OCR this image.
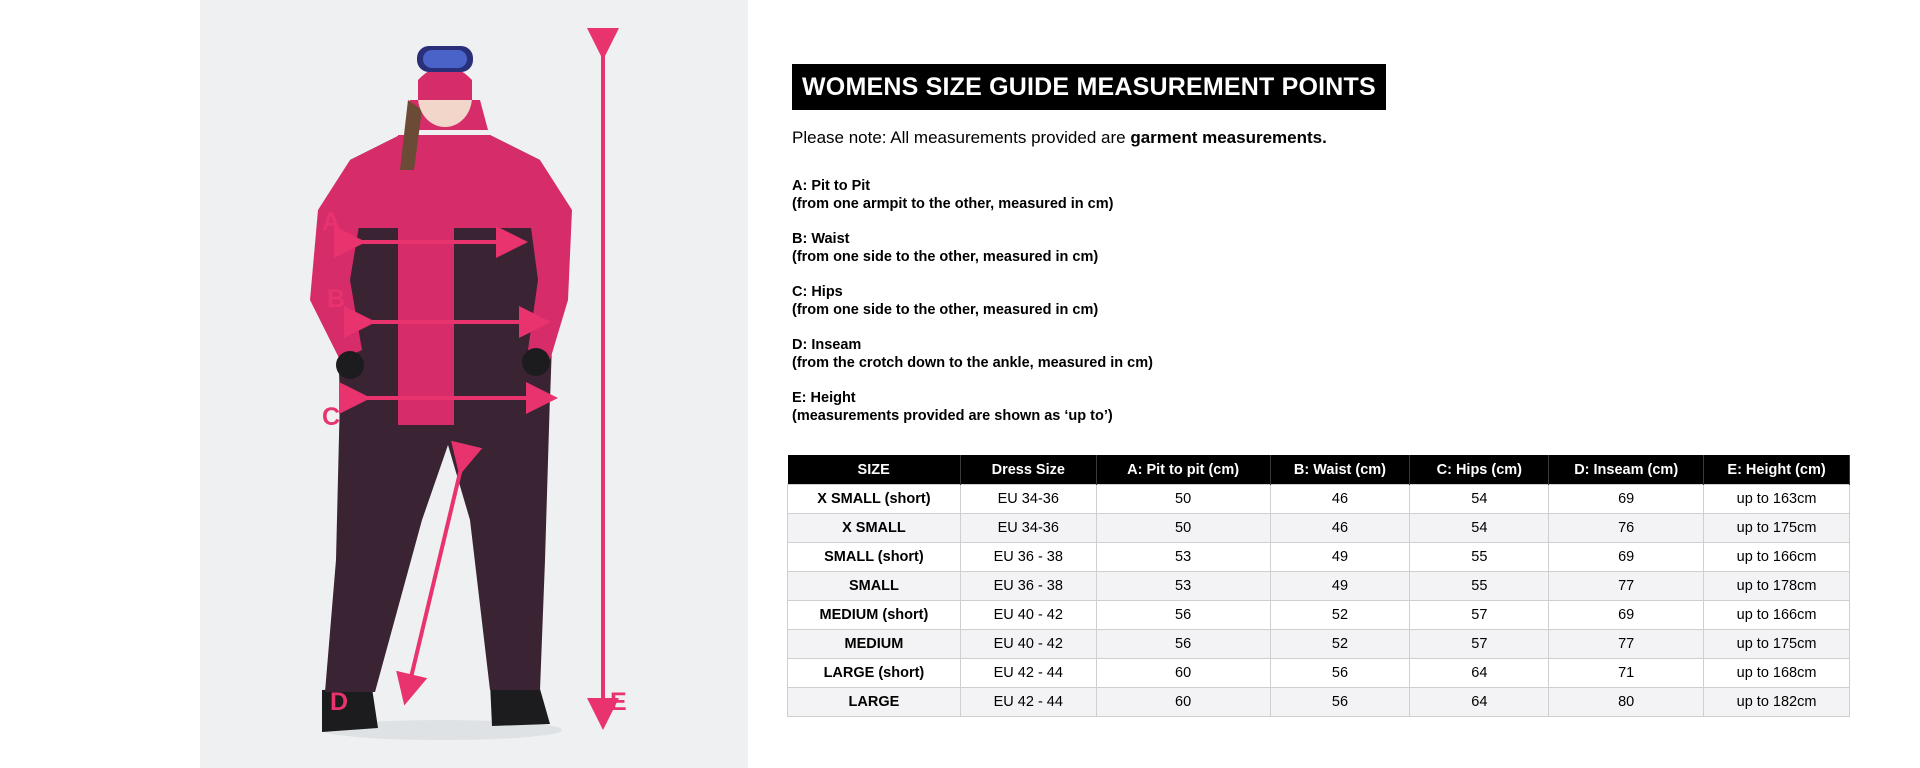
A
B
C
D	E
WOMENS SIZE GUIDE MEASUREMENT POINTS
Please note: All measurements provided are garment measurements.
A: Pit to Pit
(from one armpit to the other, measured in cm)
B: Waist
(from one side to the other, measured in cm)
C: Hips
(from one side to the other, measured in cm)
D: Inseam
(from the crotch down to the ankle, measured in cm)
E: Height
(measurements provided are shown as ‘up to’)
SIZE	Dress Size	A: Pit to pit (cm)	B: Waist (cm)	C: Hips (cm)	D: Inseam (cm)	E: Height (cm)
X SMALL (short)	EU 34-36	50	46	54	69	up to 163cm
X SMALL	EU 34-36	50	46	54	76	up to 175cm
SMALL (short)	EU 36 - 38	53	49	55	69	up to 166cm
SMALL	EU 36 - 38	53	49	55	77	up to 178cm
MEDIUM (short)	EU 40 - 42	56	52	57	69	up to 166cm
MEDIUM	EU 40 - 42	56	52	57	77	up to 175cm
LARGE (short)	EU 42 - 44	60	56	64	71	up to 168cm
LARGE	EU 42 - 44	60	56	64	80	up to 182cm
